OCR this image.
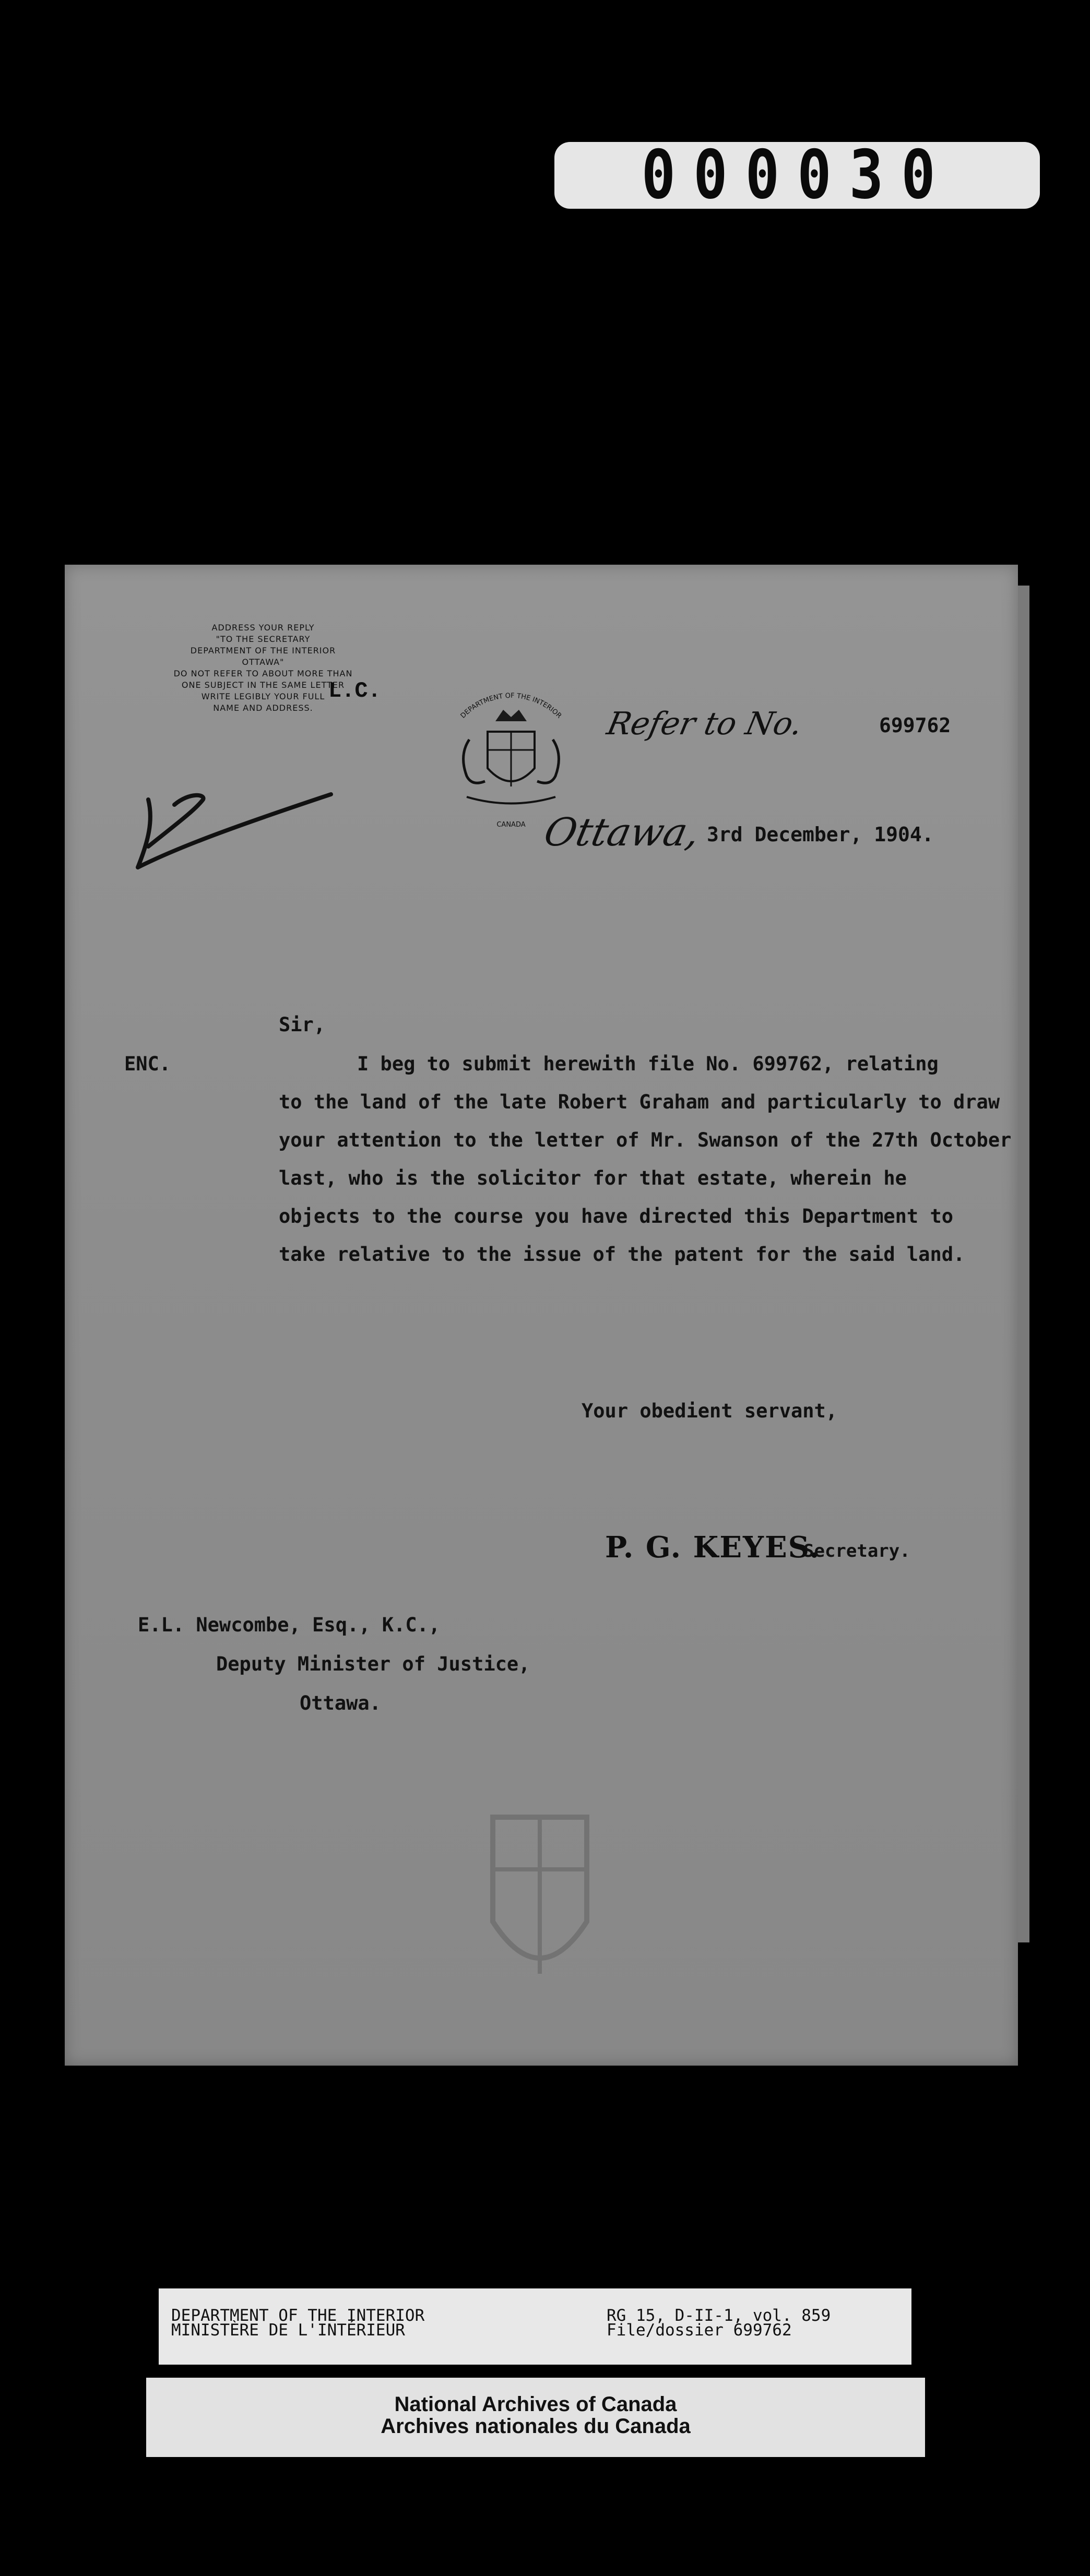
000030
ADDRESS YOUR REPLY
"TO THE SECRETARY
DEPARTMENT OF THE INTERIOR
OTTAWA"
DO NOT REFER TO ABOUT MORE THAN
ONE SUBJECT IN THE SAME LETTER
WRITE LEGIBLY YOUR FULL
NAME AND ADDRESS.
L.C.
DEPARTMENT OF THE INTERIOR
CANADA
Refer to No.	699762
Ottawa, 3rd December, 1904.
Sir,
ENC.	I beg to submit herewith file No. 699762, relating
to the land of the late Robert Graham and particularly to draw
your attention to the letter of Mr. Swanson of the 27th October
last, who is the solicitor for that estate, wherein he
objects to the course you have directed this Department to
take relative to the issue of the patent for the said land.
Your obedient servant,
P. G. KEYES.
Secretary.
E.L. Newcombe, Esq., K.C.,
Deputy Minister of Justice,
Ottawa.
DEPARTMENT OF THE INTERIOR
MINISTÈRE DE L'INTÉRIEUR
RG 15, D-II-1, vol. 859
File/dossier 699762
National Archives of Canada
Archives nationales du Canada
